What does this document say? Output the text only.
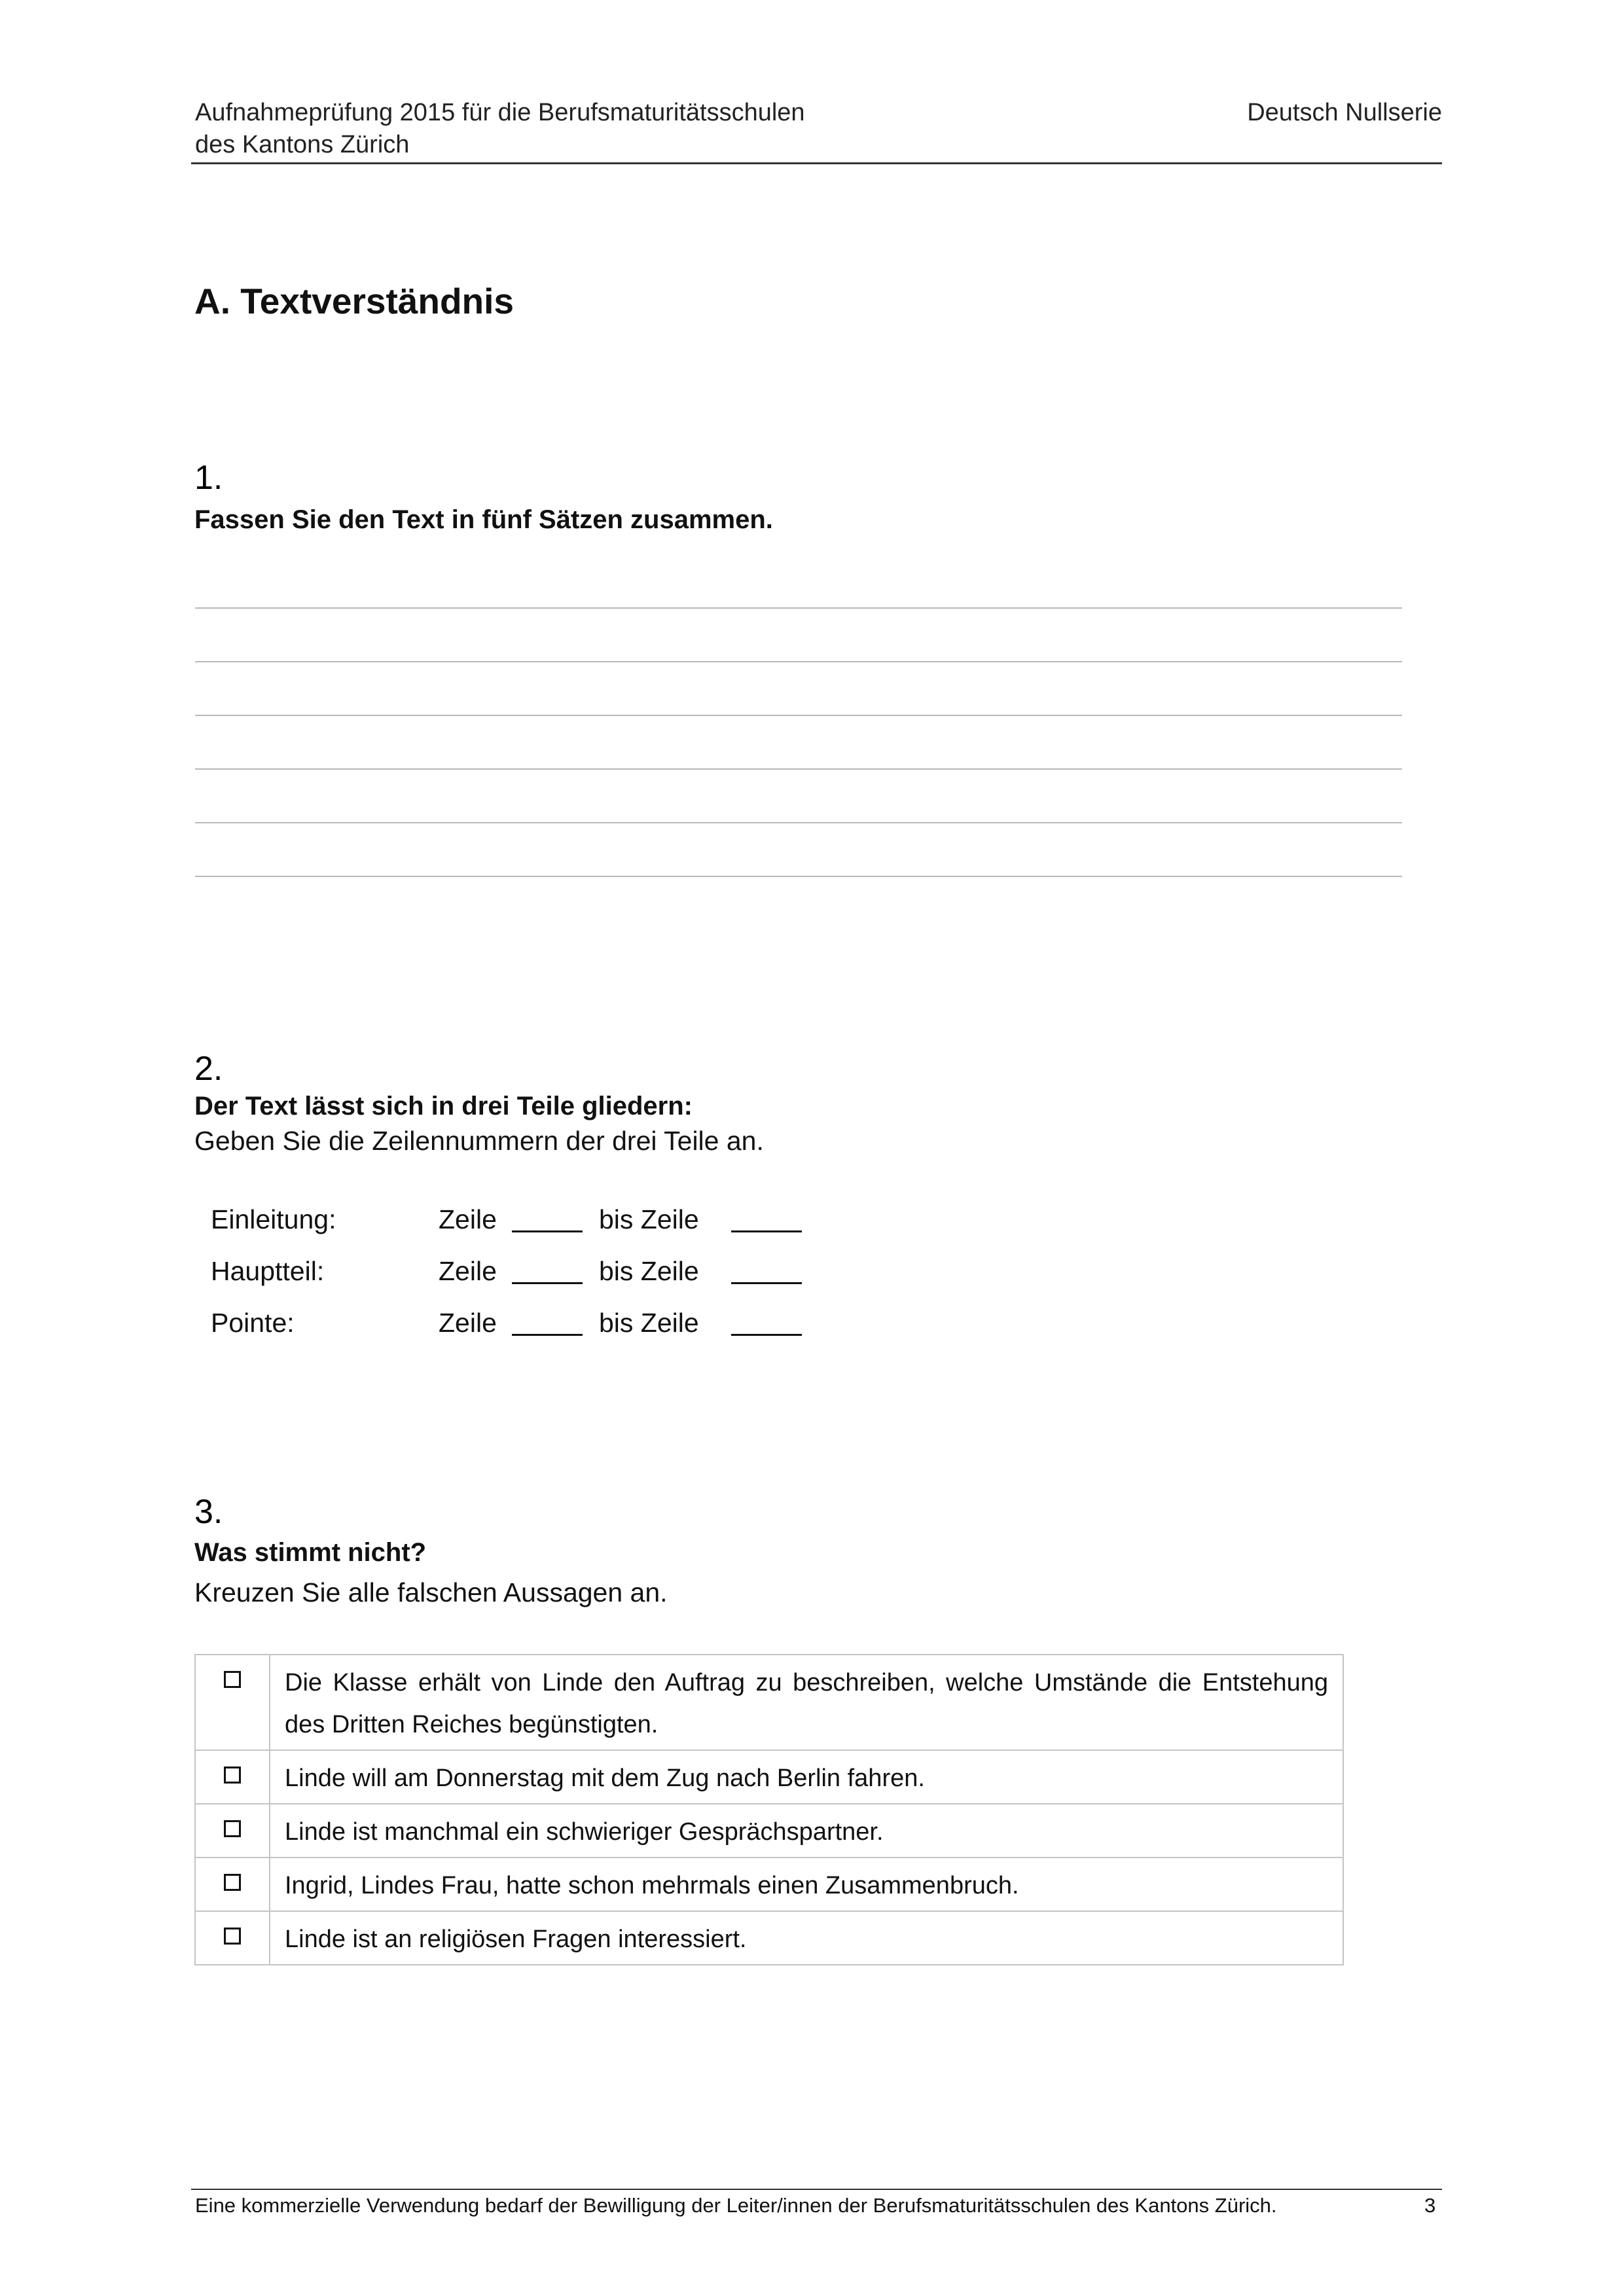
Aufnahmeprüfung 2015 für die Berufsmaturitätsschulen
des Kantons Zürich
Deutsch Nullserie
A. Textverständnis
1.
Fassen Sie den Text in fünf Sätzen zusammen.
2.
Der Text lässt sich in drei Teile gliedern:
Geben Sie die Zeilennummern der drei Teile an.
Einleitung:	Zeile	bis Zeile
Hauptteil:	Zeile	bis Zeile
Pointe:	Zeile	bis Zeile
3.
Was stimmt nicht?
Kreuzen Sie alle falschen Aussagen an.
	Die Klasse erhält von Linde den Auftrag zu beschreiben, welche Umstände die Entstehung des Dritten Reiches begünstigten.
	Linde will am Donnerstag mit dem Zug nach Berlin fahren.
	Linde ist manchmal ein schwieriger Gesprächspartner.
	Ingrid, Lindes Frau, hatte schon mehrmals einen Zusammenbruch.
	Linde ist an religiösen Fragen interessiert.
Eine kommerzielle Verwendung bedarf der Bewilligung der Leiter/innen der Berufsmaturitätsschulen des Kantons Zürich.	3
